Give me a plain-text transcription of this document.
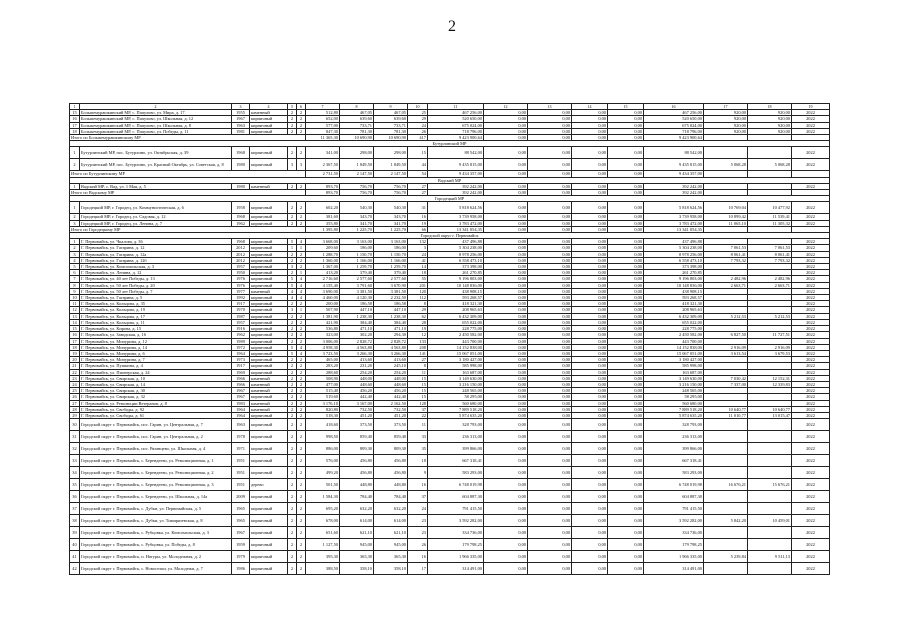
2
1	2	3	4	5	6	7	8	9	10	11	12	13	14	15	16	17	18	19
15	Большемурашкинский МР, с. Папулово, ул. Мира, д. 17	1955	каменный	2	2	512,80	467,05	467,05	25	467 256,00	0,00	0,00	0,00	0,00	467 256,00	920,00	920,00	2022
16	Большемурашкинский МР, с. Папулово, ул. Школьная, д. 12	1967	кирпичный	2	2	652,00	639,60	639,60	29	520 650,00	0,00	0,00	0,00	0,00	520 650,00	920,00	920,00	2022
17	Большемурашкинский МР, с. Папулово, ул. Школьная, д. 8	1963	кирпичный	2	2	577,00	733,71	733,71	24	675 024,00	0,00	0,00	0,00	0,00	675 024,00	920,00	920,00	2022
18	Большемурашкинский МР, с. Папулово, ул. Победы, д. 11	1981	кирпичный	2	2	847,30	781,30	781,30	26	718 796,00	0,00	0,00	0,00	0,00	718 796,00	920,00	920,00	2022
Итого по Большемурашкинскому МР						11 365,30	10 690,90	10 690,90	417	9 423 900,64	0,00	0,00	0,00	0,00	9 423 900,64			
Бутурлинский МР																		
1	Бутурлинский МР, пос. Бутурлино, ул. Октябрьская, д. 39	1968	кирпичный	2	2	341,00	298,00	298,00	15	88 542,00	0,00	0,00	0,00	0,00	88 542,00			2022
2	Бутурлинский МР, пос. Бутурлино, ул. Красный Октябрь, ул. Советская, д. 8	1980	кирпичный	3	3	2 367,50	1 849,50	1 849,50	44	9 435 815,00	0,00	0,00	0,00	0,00	9 435 815,00	5 068,28	5 068,28	2022
Итого по Бутурлинскому МР						2 731,50	2 147,50	2 147,50	54	9 434 357,00	0,00	0,00	0,00	0,00	9 434 357,00			
Вадский МР																		
1	Вадский МР, с. Вад, ул. 1 Мая, д. 5	1980	каменный	2	2	893,70	756,70	756,70	27	392 242,00	0,00	0,00	0,00	0,00	392 242,00			2022
Итого по Вадскому МР						893,70	756,70	756,70	27	392 242,00	0,00	0,00	0,00	0,00	392 242,00			
Городецкий МР																		
1	Городецкий МР, г. Городец, ул. Коммунистическая, д. 6	1958	кирпичный	2	2	602,20	540,30	540,30	31	5 818 624,56	0,00	0,00	0,00	0,00	5 818 624,56	10 769,04	10 477,92	2022
2	Городецкий МР, г. Городец, ул. Садовая, д. 12	1968	кирпичный	2	2	381,60	343,70	343,70	16	3 739 958,00	0,00	0,00	0,00	0,00	3 739 958,00	10 899,42	11 539,41	2022
3	Городецкий МР, г. Городец, ул. Ленина, д. 7	1962	кирпичный	2	2	355,80	341,70	341,70	19	3 783 472,00	0,00	0,00	0,00	0,00	3 783 472,00	11 065,10	11 305,32	2022
Итого по Городецкому МР						1 395,80	1 225,70	1 225,70	66	13 341 054,35	0,00	0,00	0,00	0,00	13 341 054,35			
Городской округ г. Первомайск																		
1	Г. Первомайск, ул. Чкалова, д. 36	1968	кирпичный	5	4	3 668,00	3 163,00	3 163,00	132	437 496,88	0,00	0,00	0,00	0,00	437 496,88			2022
2	Г. Первомайск, ул. Гагарина, д. 12	2012	кирпичный	1	1	209,60	186,00	186,00	3	5 304 238,00	0,00	0,00	0,00	0,00	5 304 238,00	7 061,53	7 061,53	2022
3	Г. Первомайск, ул. Гагарина, д. 12а	2012	кирпичный	2	2	1 288,70	1 150,70	1 150,70	24	8 978 256,00	0,00	0,00	0,00	0,00	8 978 256,00	8 061,41	8 061,41	2022
4	Г. Первомайск, ул. Гагарина, д. 12б	2012	кирпичный	2	2	1 360,00	1 166,00	1 166,00	41	6 558 473,10	0,00	0,00	0,00	0,00	6 558 473,10	7 793,32	7 793,32	2022
5	Г. Первомайск, ул. Комсомольская, д. 3	1957	кирпичный	3	2	1 367,00	1 259,70	1 259,70	14	373 398,00	0,00	0,00	0,00	0,00	373 398,00			2022
6	Г. Первомайск, ул. Ленина, д. 12	1950	кирпичный	2	1	413,20	379,40	379,40	18	261 270,85	0,00	0,00	0,00	0,00	261 270,85			2022
7	Г. Первомайск, ул. 40 лет Победы, д. 13	1976	кирпичный	5	4	2 716,60	2 577,60	2 577,60	55	9 196 803,00	0,00	0,00	0,00	0,00	9 196 803,00	2 482,96	2 482,96	2022
8	Г. Первомайск, ул. 50 лет Победы, д. 20	1976	кирпичный	5	4	4 155,40	3 791,60	3 670,90	201	10 148 836,00	0,00	0,00	0,00	0,00	10 148 836,00	2 663,71	2 663,71	2022
9	Г. Первомайск, ул. 50 лет Победы, д. 7	1977	каменный	4	4	3 690,00	3 381,50	3 381,50	120	438 908,15	0,00	0,00	0,00	0,00	438 908,15			2022
10	Г. Первомайск, ул. Гагарина, д. 5	1992	кирпичный	4	4	4 460,00	4 120,30	2 232,50	112	593 268,57	0,00	0,00	0,00	0,00	593 268,57			2022
11	Г. Первомайск, ул. Кольцова, д. 35	1917	кирпичный	2	2	200,00	186,58	186,58	8	418 321,30	0,00	0,00	0,00	0,00	418 321,30			2022
12	Г. Первомайск, ул. Кольцова, д. 19	1970	кирпичный	3	1	507,90	447,10	447,10	29	208 965,63	0,00	0,00	0,00	0,00	208 965,63			2022
13	Г. Первомайск, ул. Кольцова, д. 17	1987	кирпичный	2	2	1 381,90	1 238,30	1 238,30	62	6 432 309,00	0,00	0,00	0,00	0,00	6 432 309,00	5 212,53	5 212,53	2022
14	Г. Первомайск, ул. Кольцова, д. 11	1957	кирпичный	2	2	421,90	384,40	384,40	28	655 022,00	0,00	0,00	0,00	0,00	655 022,00			2022
15	Г. Первомайск, ул. Кирова, д. 15	1916	кирпичный	2	2	536,80	471,10	471,10	19	228 775,00	0,00	0,00	0,00	0,00	228 775,00			2022
16	Г. Первомайск, ул. Заводская, д. 16	1962	кирпичный	2	2	323,00	302,20	294,30	12	2 450 582,00	0,00	0,00	0,00	0,00	2 450 582,00	6 827,50	11 727,51	2022
17	Г. Первомайск, ул. Мичурина, д. 12	1989	кирпичный	2	2	3 006,00	2 828,72	2 828,72	133	443 700,00	0,00	0,00	0,00	0,00	443 700,00			2022
18	Г. Первомайск, ул. Мичурина, д. 14	1972	кирпичный	5	4	4 958,30	4 563,80	4 563,80	208	14 152 838,00	0,00	0,00	0,00	0,00	14 152 838,00	2 916,09	2 916,09	2022
19	Г. Первомайск, ул. Мичурина, д. 6	1964	кирпичный	5	4	3 723,50	3 266,30	3 266,30	141	15 067 051,00	0,00	0,00	0,00	0,00	15 067 051,00	3 613,54	3 679,53	2022
20	Г. Первомайск, ул. Мичурина, д. 7	1973	кирпичный	2	2	465,00	413,60	413,60	27	3 180 427,00	0,00	0,00	0,00	0,00	3 180 427,00			2022
21	Г. Первомайск, ул. Пушкина, д. 4	1917	кирпичный	2	2	283,20	231,20	245,10	8	585 998,00	0,00	0,00	0,00	0,00	585 998,00			2022
22	Г. Первомайск, ул. Пионерская, д. 24	1969	кирпичный	2	2	288,60	254,20	254,20	11	163 687,00	0,00	0,00	0,00	0,00	163 687,00			2022
23	Г. Первомайск, ул. Свирская, д. 10	1966	каменный	2	2	508,90	448,00	448,00	15	3 149 630,00	0,00	0,00	0,00	0,00	3 149 630,00	7 030,42	12 152,31	2022
24	Г. Первомайск, ул. Свирская, д. 14	1966	каменный	2	2	477,00	448,60	448,60	15	3 216 150,00	0,00	0,00	0,00	0,00	3 216 150,00	7 337,00	12 339,83	2022
25	Г. Первомайск, ул. Свирская, д. 30	1967	каменный	2	2	515,40	456,20	456,20	15	248 565,00	0,00	0,00	0,00	0,00	248 565,00			2022
26	Г. Первомайск, ул. Свирская, д. 32	1967	кирпичный	2	2	519,60	442,40	442,40	15	58 295,00	0,00	0,00	0,00	0,00	58 295,00			2022
27	Г. Первомайск, ул. Революции Ветеранов, д. 8	1983	каменный	2	2	3 176,10	3 167,00	2 162,50	128	560 680,00	0,00	0,00	0,00	0,00	560 680,00			2022
28	Г. Первомайск, ул. Свободы, д. 92	1964	каменный	2	2	820,80	732,50	732,50	37	7 889 518,20	0,00	0,00	0,00	0,00	7 889 518,20	10 640,77	10 640,77	2022
29	Г. Первомайск, ул. Свободы, д. 61	1964	кирпичный	2	2	518,30	451,20	451,20	22	5 874 635,20	0,00	0,00	0,00	0,00	5 874 635,20	11 010,77	13 015,47	2022
30	Городской округ г. Первомайск, пос. Гарин, ул. Центральная, д. 7	1963	кирпичный	2	2	418,60	373,50	373,50	11	328 793,00	0,00	0,00	0,00	0,00	328 793,00			2022
31	Городской округ г. Первомайск, пос. Гарин, ул. Центральная, д. 2	1978	кирпичный	2	2	998,50	859,40	859,40	33	236 313,00	0,00	0,00	0,00	0,00	236 313,00			2022
32	Городской округ г. Первомайск, пос. Рязанцево, ул. Школьная, д. 4	1971	кирпичный	2	2	886,00	809,30	809,30	35	399 866,00	0,00	0,00	0,00	0,00	399 866,00			2022
33	Городской округ г. Первомайск, с. Берендеево, ул. Революционная, д. 1	1951	кирпичный	2	2	576,00	456,80	456,80	18	667 318,41	0,00	0,00	0,00	0,00	667 318,41			2022
34	Городской округ г. Первомайск, с. Берендеево, ул. Революционная, д. 2	1951	кирпичный	2	2	499,20	456,80	456,80	9	583 293,00	0,00	0,00	0,00	0,00	583 293,00			2022
35	Городской округ г. Первомайск, с. Берендеево, ул. Революционная, д. 3	1951	дерево	2	2	501,50	448,80	448,80	16	6 748 019,98	0,00	0,00	0,00	0,00	6 748 019,98	16 676,21	15 676,21	2022
36	Городской округ г. Первомайск, с. Берендеево, ул. Школьная, д. 14а	2009	кирпичный	2	2	1 584,30	784,40	784,40	37	604 887,30	0,00	0,00	0,00	0,00	604 887,30			2022
37	Городской округ г. Первомайск, с. Дубки, ул. Первомайская, д. 5	1965	кирпичный	2	2	695,20	632,20	632,20	24	791 415,50	0,00	0,00	0,00	0,00	791 415,50			2022
38	Городской округ г. Первомайск, с. Дубки, ул. Тимирязевская, д. 8	1965	кирпичный	2	2	678,00	614,00	614,00	23	3 592 282,00	0,00	0,00	0,00	0,00	3 592 282,00	5 842,20	10 459,01	2022
39	Городской округ г. Первомайск, с. Рубцовка, ул. Комсомольская, д. 3	1967	кирпичный	2	2	651,60	621,10	621,10	23	334 736,00	0,00	0,00	0,00	0,00	334 736,00			2022
40	Городской округ г. Первомайск, с. Рубцовка, ул. Победы, д. 8	1959	кирпичный	2	2	1 127,50	945,00	945,00	26	179 798,25	0,00	0,00	0,00	0,00	179 798,25			2022
41	Городской округ г. Первомайск, п. Натуры, ул. Молодежная, д. 2	1979	кирпичный	2	2	395,30	365,30	365,30	16	1 966 335,00	0,00	0,00	0,00	0,00	1 966 335,00	5 239,84	9 511,13	2022
42	Городской округ г. Первомайск, с. Новоселки, ул. Молодежи, д. 7	1986	кирпичный	2	2	388,50	358,10	358,10	17	314 491,00	0,00	0,00	0,00	0,00	314 491,00			2022
